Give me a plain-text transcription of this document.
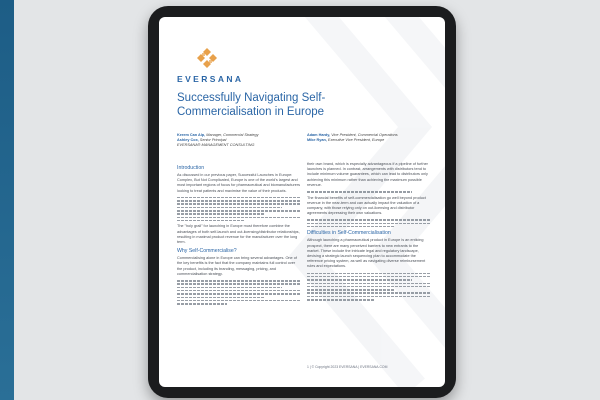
EVERSANA
Successfully Navigating Self-Commercialisation in Europe
Kerem Can Alp, Manager, Commercial Strategy
Ashley Cox, Senior Principal
EVERSANA® MANAGEMENT CONSULTING
Adam Hardy, Vice President, Commercial Operations
Mike Ryan, Executive Vice President, Europe
Introduction

As discussed in our previous paper, Successful Launches in Europe: Complex, But Not Complicated, Europe is one of the world's largest and most important regions of focus for pharmaceutical and biomanufacturers looking to treat patients and maximise the value of their products.

The "holy grail" for launching in Europe must therefore combine the advantages of both self-launch and out-licensing/distributor relationships, resulting in maximal product revenue for the manufacturer over the long term.

Why Self-Commercialise?

Commercialising alone in Europe can bring several advantages. One of the key benefits is the fact that the company maintains full control over the product, including its branding, messaging, pricing, and commercialisation strategy.

their own brand, which is especially advantageous if a pipeline of further launches is planned. In contrast, arrangements with distributors tend to include minimum volume guarantees, which can lead to distributors only achieving this minimum rather than achieving the maximum possible revenue.

The financial benefits of self-commercialisation go well beyond product revenue in the near-term and can actually impact the valuation of a company, with those relying only on out-licensing and distributor agreements depressing their own valuations.

Difficulties in Self-Commercialisation

Although launching a pharmaceutical product in Europe is an enticing prospect, there are many perceived barriers to new entrants to the market. These include the intricate legal and regulatory landscape, devising a strategic launch sequencing plan to accommodate the reference pricing system, as well as navigating diverse reimbursement rules and expectations.

1 | © Copyright 2023 EVERSANA | EVERSANA.COM
